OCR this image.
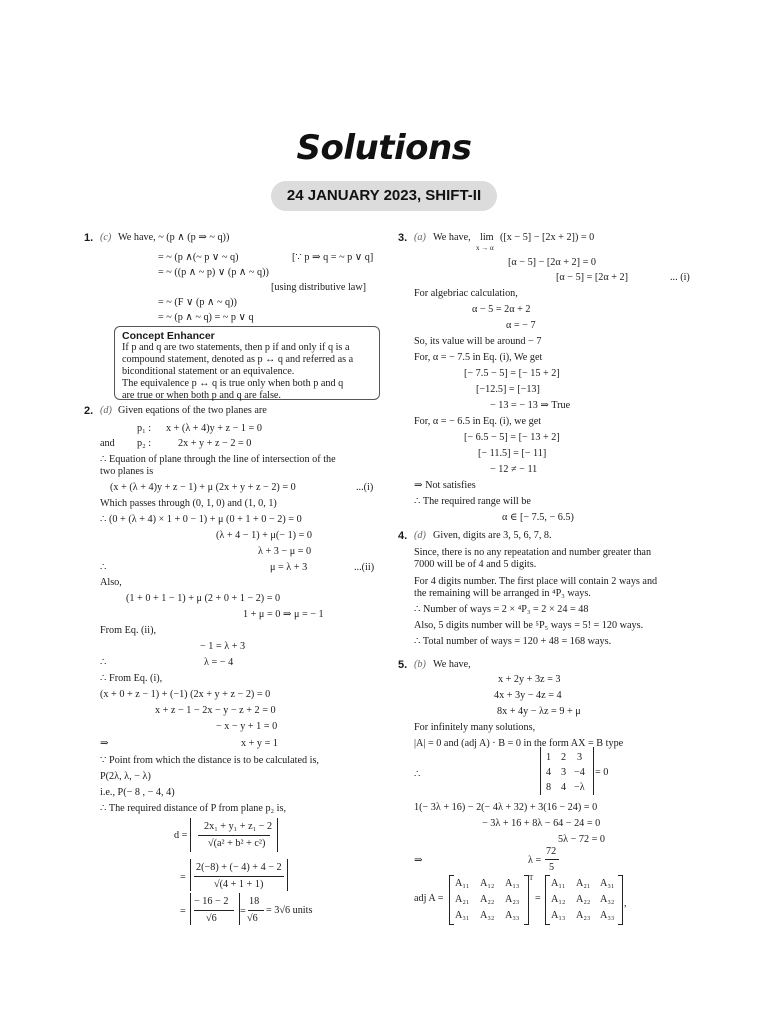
Solutions
24 JANUARY 2023, SHIFT-II
1. (c) We have, ~ (p ∧ (p ⇒ ~ q))
= ~ (p ∧(~ p ∨ ~ q)	[∵ p ⇒ q = ~ p ∨ q]
= ~ ((p ∧ ~ p) ∨ (p ∧ ~ q))
[using distributive law]
= ~ (F ∨ (p ∧ ~ q))
= ~ (p ∧ ~ q) = ~ p ∨ q
Concept Enhancer
If p and q are two statements, then p if and only if q is a
compound statement, denoted as p ↔ q and referred as a
biconditional statement or an equivalence.
The equivalence p ↔ q is true only when both p and q
are true or when both p and q are false.
2. (d) Given eqations of the two planes are
p₁ : x + (λ + 4)y + z − 1 = 0
and p₂ :	2x + y + z − 2 = 0
∴ Equation of plane through the line of intersection of the
two planes is
(x + (λ + 4)y + z − 1) + μ (2x + y + z − 2) = 0	...(i)
Which passes through (0, 1, 0) and (1, 0, 1)
∴ (0 + (λ + 4) × 1 + 0 − 1) + μ (0 + 1 + 0 − 2) = 0
(λ + 4 − 1) + μ(− 1) = 0
λ + 3 − μ = 0
∴	μ = λ + 3	...(ii)
Also,
(1 + 0 + 1 − 1) + μ (2 + 0 + 1 − 2) = 0
1 + μ = 0 ⇒ μ = − 1
From Eq. (ii),
− 1 = λ + 3
∴	λ = − 4
∴ From Eq. (i),
(x + 0 + z − 1) + (−1) (2x + y + z − 2) = 0
x + z − 1 − 2x − y − z + 2 = 0
− x − y + 1 = 0
⇒	x + y = 1
∵ Point from which the distance is to be calculated is,
P(2λ, λ, − λ)
i.e., P(− 8 , − 4, 4)
∴ The required distance of P from plane p₂ is,
d =
2x₁ + y₁ + z₁ − 2
√(a² + b² + c²)
=
2(−8) + (− 4) + 4 − 2
√(4 + 1 + 1)
=
− 16 − 2
√6
=
18
√6
= 3√6 units
3. (a) We have, lim
x → α
([x − 5] − [2x + 2]) = 0
[α − 5] − [2α + 2] = 0
[α − 5] = [2α + 2]	... (i)
For algebriac calculation,
α − 5 = 2α + 2
α = − 7
So, its value will be around − 7
For, α = − 7.5 in Eq. (i), We get
[− 7.5 − 5] = [− 15 + 2]
[−12.5] = [−13]
− 13 = − 13 ⇒ True
For, α = − 6.5 in Eq. (i), we get
[− 6.5 − 5] = [− 13 + 2]
[− 11.5] = [− 11]
− 12 ≠ − 11
⇒ Not satisfies
∴ The required range will be
α ∈ [− 7.5, − 6.5)
4. (d) Given, digits are 3, 5, 6, 7, 8.
Since, there is no any repeatation and number greater than
7000 will be of 4 and 5 digits.
For 4 digits number. The first place will contain 2 ways and
the remaining will be arranged in ⁴P₃ ways.
∴ Number of ways = 2 × ⁴P₃ = 2 × 24 = 48
Also, 5 digits number will be ⁵P₅ ways = 5! = 120 ways.
∴ Total number of ways = 120 + 48 = 168 ways.
5. (b) We have,
x + 2y + 3z = 3
4x + 3y − 4z = 4
8x + 4y − λz = 9 + μ
For infinitely many solutions,
|A| = 0 and (adj A) · B = 0 in the form AX = B type
∴
1 2 3
4 3 −4
8 4 −λ
= 0
1(− 3λ + 16) − 2(− 4λ + 32) + 3(16 − 24) = 0
− 3λ + 16 + 8λ − 64 − 24 = 0
5λ − 72 = 0
⇒	λ =
72
5
adj A =
A₁₁ A₁₂ A₁₃
A₂₁ A₂₂ A₂₃
A₃₁ A₃₂ A₃₃
T
=
A₁₁ A₂₁ A₃₁
A₁₂ A₂₂ A₃₂
A₁₃ A₂₃ A₃₃
,
